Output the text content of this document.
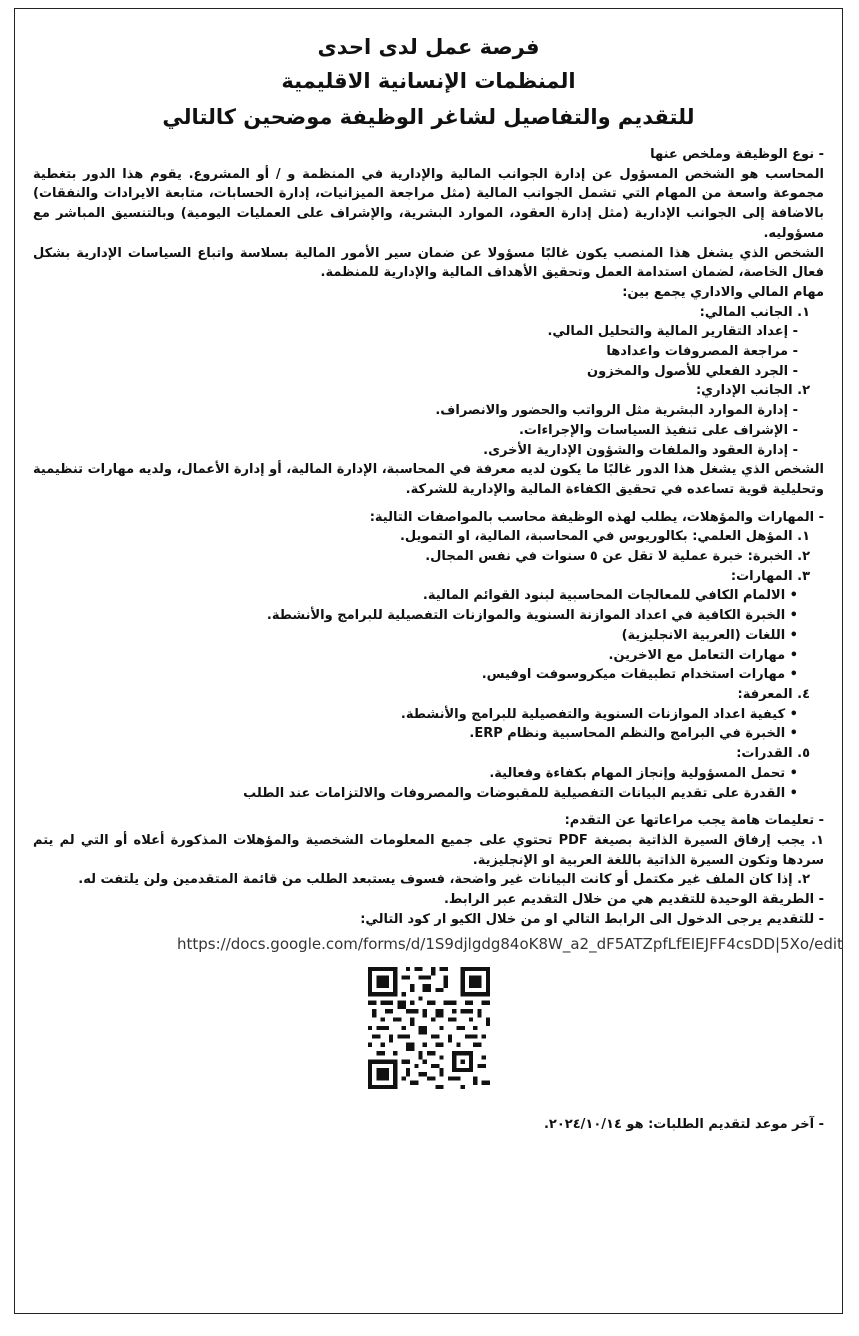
فرصة عمل لدى احدى
المنظمات الإنسانية الاقليمية
للتقديم والتفاصيل لشاغر الوظيفة موضحين كالتالي
- نوع الوظيفة وملخص عنها
المحاسب هو الشخص المسؤول عن إدارة الجوانب المالية والإدارية في المنظمة و / أو المشروع. يقوم هذا الدور بتغطية مجموعة واسعة من المهام التي تشمل الجوانب المالية (مثل مراجعة الميزانيات، إدارة الحسابات، متابعة الايرادات والنفقات) بالاضافة إلى الجوانب الإدارية (مثل إدارة العقود، الموارد البشرية، والإشراف على العمليات اليومية) وبالتنسيق المباشر مع مسؤوليه.
الشخص الذي يشغل هذا المنصب يكون غالبًا مسؤولا عن ضمان سير الأمور المالية بسلاسة واتباع السياسات الإدارية بشكل فعال الخاصة، لضمان استدامة العمل وتحقيق الأهداف المالية والإدارية للمنظمة.
مهام المالي والاداري يجمع بين:
١. الجانب المالي:
- إعداد التقارير المالية والتحليل المالي.
- مراجعة المصروفات واعدادها
- الجرد الفعلي للأصول والمخزون
٢. الجانب الإداري:
- إدارة الموارد البشرية مثل الرواتب والحضور والانصراف.
- الإشراف على تنفيذ السياسات والإجراءات.
- إدارة العقود والملفات والشؤون الإدارية الأخرى.
الشخص الذي يشغل هذا الدور غالبًا ما يكون لديه معرفة في المحاسبة، الإدارة المالية، أو إدارة الأعمال، ولديه مهارات تنظيمية وتحليلية قوية تساعده في تحقيق الكفاءة المالية والإدارية للشركة.
- المهارات والمؤهلات، يطلب لهذه الوظيفة محاسب بالمواصفات التالية:
١. المؤهل العلمي: بكالوريوس في المحاسبة، المالية، او التمويل.
٢. الخبرة: خبرة عملية لا تقل عن ٥ سنوات في نفس المجال.
٣. المهارات:
• الالمام الكافي للمعالجات المحاسبية لبنود القوائم المالية.
• الخبرة الكافية في اعداد الموازنة السنوية والموازنات التفصيلية للبرامج والأنشطة.
• اللغات (العربية الانجليزية)
• مهارات التعامل مع الاخرين.
• مهارات استخدام تطبيقات ميكروسوفت اوفيس.
٤. المعرفة:
• كيفية اعداد الموازنات السنوية والتفصيلية للبرامج والأنشطة.
• الخبرة في البرامج والنظم المحاسبية ونظام ERP.
٥. القدرات:
• تحمل المسؤولية وإنجاز المهام بكفاءة وفعالية.
• القدرة على تقديم البيانات التفصيلية للمقبوضات والمصروفات والالتزامات عند الطلب
- تعليمات هامة يجب مراعاتها عن التقدم:
١. يجب إرفاق السيرة الذاتية بصيغة PDF تحتوي على جميع المعلومات الشخصية والمؤهلات المذكورة أعلاه أو التي لم يتم سردها وتكون السيرة الذاتية باللغة العربية او الإنجليزية.
٢. إذا كان الملف غير مكتمل أو كانت البيانات غير واضحة، فسوف يستبعد الطلب من قائمة المتقدمين ولن يلتفت له.
- الطريقة الوحيدة للتقديم هي من خلال التقديم عبر الرابط.
- للتقديم يرجى الدخول الى الرابط التالي او من خلال الكيو ار كود التالي:
https://docs.google.com/forms/d/1S9djlgdg84oK8W_a2_dF5ATZpfLfEIEJFF4csDD|5Xo/edit
- آخر موعد لتقديم الطلبات: هو ٢٠٢٤/١٠/١٤.
